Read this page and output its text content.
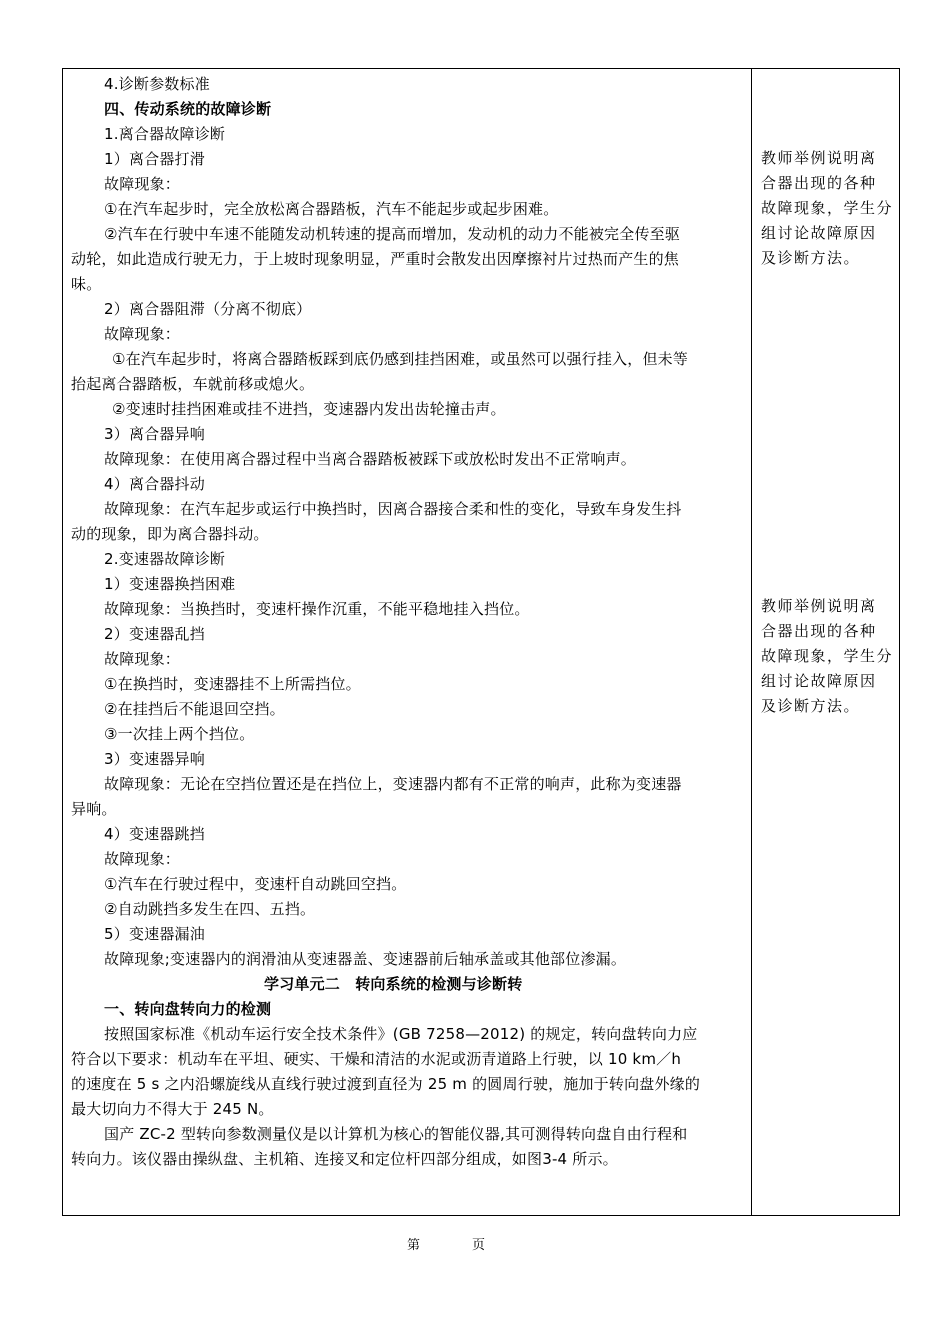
4.诊断参数标准
四、传动系统的故障诊断
1.离合器故障诊断
1）离合器打滑
故障现象：
①在汽车起步时，完全放松离合器踏板，汽车不能起步或起步困难。
②汽车在行驶中车速不能随发动机转速的提高而增加，发动机的动力不能被完全传至驱
动轮，如此造成行驶无力，于上坡时现象明显，严重时会散发出因摩擦衬片过热而产生的焦
味。
2）离合器阻滞（分离不彻底）
故障现象：
①在汽车起步时，将离合器踏板踩到底仍感到挂挡困难，或虽然可以强行挂入，但未等
抬起离合器踏板，车就前移或熄火。
②变速时挂挡困难或挂不进挡，变速器内发出齿轮撞击声。
3）离合器异响
故障现象：在使用离合器过程中当离合器踏板被踩下或放松时发出不正常响声。
4）离合器抖动
故障现象：在汽车起步或运行中换挡时，因离合器接合柔和性的变化，导致车身发生抖
动的现象，即为离合器抖动。
2.变速器故障诊断
1）变速器换挡困难
故障现象：当换挡时，变速杆操作沉重，不能平稳地挂入挡位。
2）变速器乱挡
故障现象：
①在换挡时，变速器挂不上所需挡位。
②在挂挡后不能退回空挡。
③一次挂上两个挡位。
3）变速器异响
故障现象：无论在空挡位置还是在挡位上，变速器内都有不正常的响声，此称为变速器
异响。
4）变速器跳挡
故障现象：
①汽车在行驶过程中，变速杆自动跳回空挡。
②自动跳挡多发生在四、五挡。
5）变速器漏油
故障现象;变速器内的润滑油从变速器盖、变速器前后轴承盖或其他部位渗漏。
学习单元二　转向系统的检测与诊断转
一、转向盘转向力的检测
按照国家标准《机动车运行安全技术条件》(GB 7258—2012) 的规定，转向盘转向力应
符合以下要求：机动车在平坦、硬实、干燥和清洁的水泥或沥青道路上行驶，以 10 km／h
的速度在 5 s 之内沿螺旋线从直线行驶过渡到直径为 25 m 的圆周行驶，施加于转向盘外缘的
最大切向力不得大于 245 N。
国产 ZC-2 型转向参数测量仪是以计算机为核心的智能仪器,其可测得转向盘自由行程和
转向力。该仪器由操纵盘、主机箱、连接叉和定位杆四部分组成，如图3-4 所示。
教师举例说明离
合器出现的各种
故障现象，学生分
组讨论故障原因
及诊断方法。
教师举例说明离
合器出现的各种
故障现象，学生分
组讨论故障原因
及诊断方法。
第	页
